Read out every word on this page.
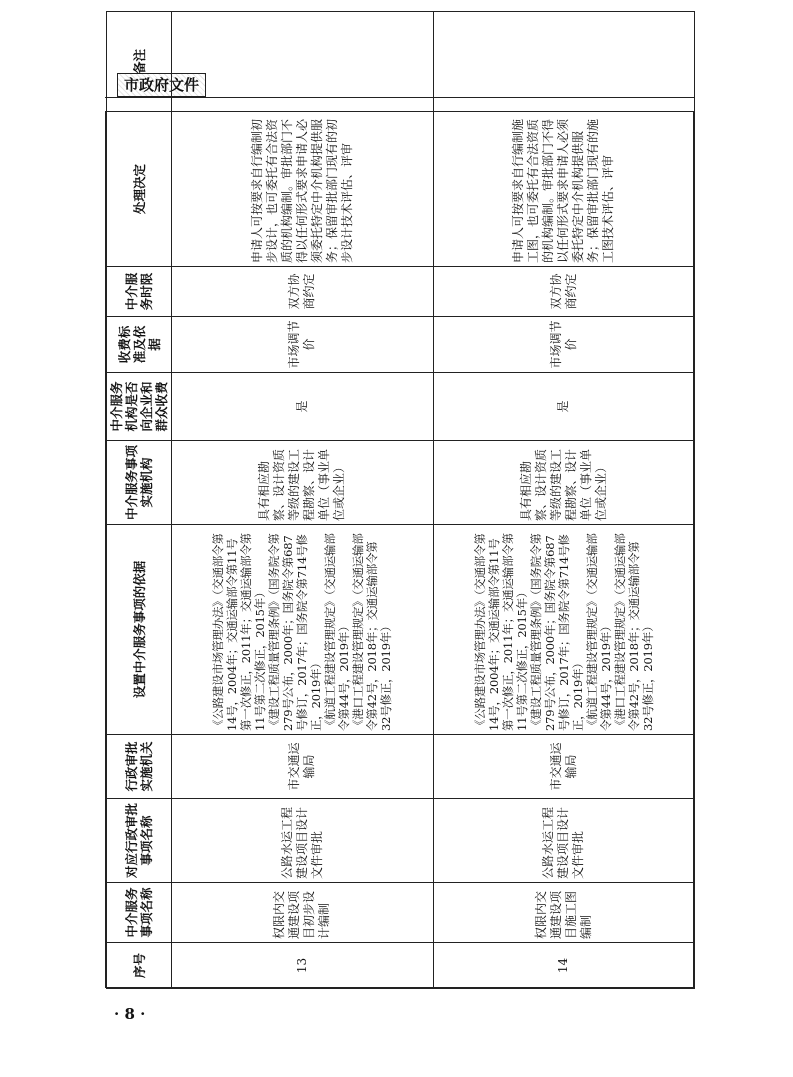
市政府文件
序号	中介服务事项名称	对应行政审批事项名称	行政审批实施机关	设置中介服务事项的依据	中介服务事项实施机构	中介服务机构是否向企业和群众收费	收费标准及依据	中介服务时限	处理决定	备注
13	权限内交通建设项目初步设计编制	公路水运工程建设项目设计文件审批	市交通运输局	《公路建设市场管理办法》（交通部令第14号，2004年；交通运输部令第11号第一次修正，2011年；交通运输部令第11号第二次修正，2015年） 《建设工程质量管理条例》（国务院令第279号公布，2000年；国务院令第687号修订，2017年；国务院令第714号修正，2019年） 《航道工程建设管理规定》（交通运输部令第44号，2019年） 《港口工程建设管理规定》（交通运输部令第42号，2018年；交通运输部令第32号修正，2019年）	具有相应勘察、设计资质等级的建设工程勘察、设计单位（事业单位或企业）	是	市场调节价	双方协商约定	申请人可按要求自行编制初步设计，也可委托有合法资质的机构编制。审批部门不得以任何形式要求申请人必须委托特定中介机构提供服务；保留审批部门现有的初步设计技术评估、评审	
14	权限内交通建设项目施工图编制	公路水运工程建设项目设计文件审批	市交通运输局	《公路建设市场管理办法》（交通部令第14号，2004年；交通运输部令第11号第一次修正，2011年；交通运输部令第11号第二次修正，2015年） 《建设工程质量管理条例》（国务院令第279号公布，2000年；国务院令第687号修订，2017年；国务院令第714号修正，2019年） 《航道工程建设管理规定》（交通运输部令第44号，2019年） 《港口工程建设管理规定》（交通运输部令第42号，2018年；交通运输部令第32号修正，2019年）	具有相应勘察、设计资质等级的建设工程勘察、设计单位（事业单位或企业）	是	市场调节价	双方协商约定	申请人可按要求自行编制施工图，也可委托有合法资质的机构编制。审批部门不得以任何形式要求申请人必须委托特定中介机构提供服务；保留审批部门现有的施工图技术评估、评审	
· 8 ·
